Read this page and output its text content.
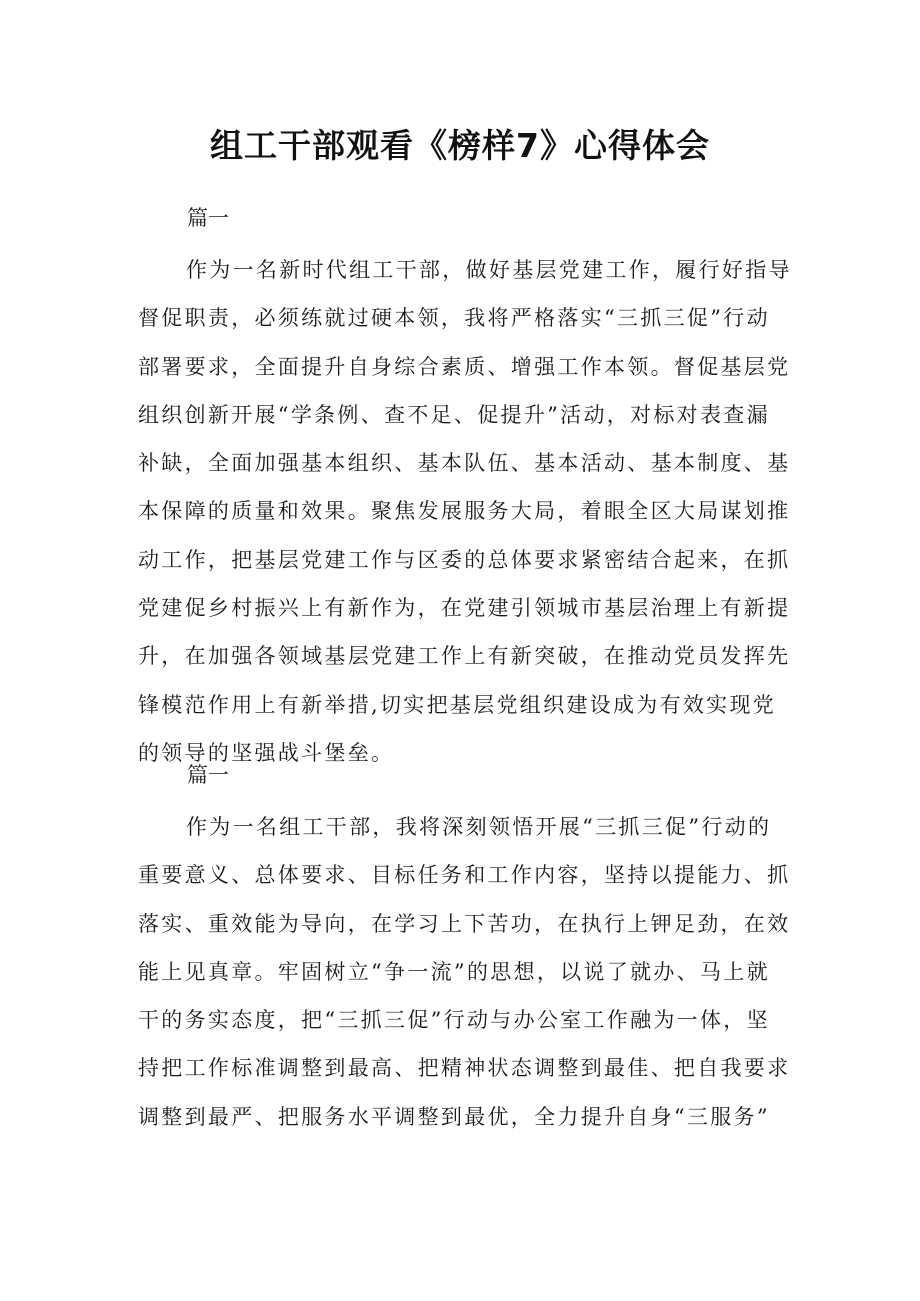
组工干部观看《榜样7》心得体会
篇一

作为一名新时代组工干部，做好基层党建工作，履行好指导
督促职责，必须练就过硬本领，我将严格落实“三抓三促”行动
部署要求，全面提升自身综合素质、增强工作本领。督促基层党
组织创新开展“学条例、查不足、促提升”活动，对标对表查漏
补缺，全面加强基本组织、基本队伍、基本活动、基本制度、基
本保障的质量和效果。聚焦发展服务大局，着眼全区大局谋划推
动工作，把基层党建工作与区委的总体要求紧密结合起来，在抓
党建促乡村振兴上有新作为，在党建引领城市基层治理上有新提
升，在加强各领域基层党建工作上有新突破，在推动党员发挥先
锋模范作用上有新举措,切实把基层党组织建设成为有效实现党
的领导的坚强战斗堡垒。

篇一

作为一名组工干部，我将深刻领悟开展“三抓三促”行动的
重要意义、总体要求、目标任务和工作内容，坚持以提能力、抓
落实、重效能为导向，在学习上下苦功，在执行上钾足劲，在效
能上见真章。牢固树立“争一流”的思想，以说了就办、马上就
干的务实态度，把“三抓三促”行动与办公室工作融为一体，坚
持把工作标准调整到最高、把精神状态调整到最佳、把自我要求
调整到最严、把服务水平调整到最优，全力提升自身“三服务”
